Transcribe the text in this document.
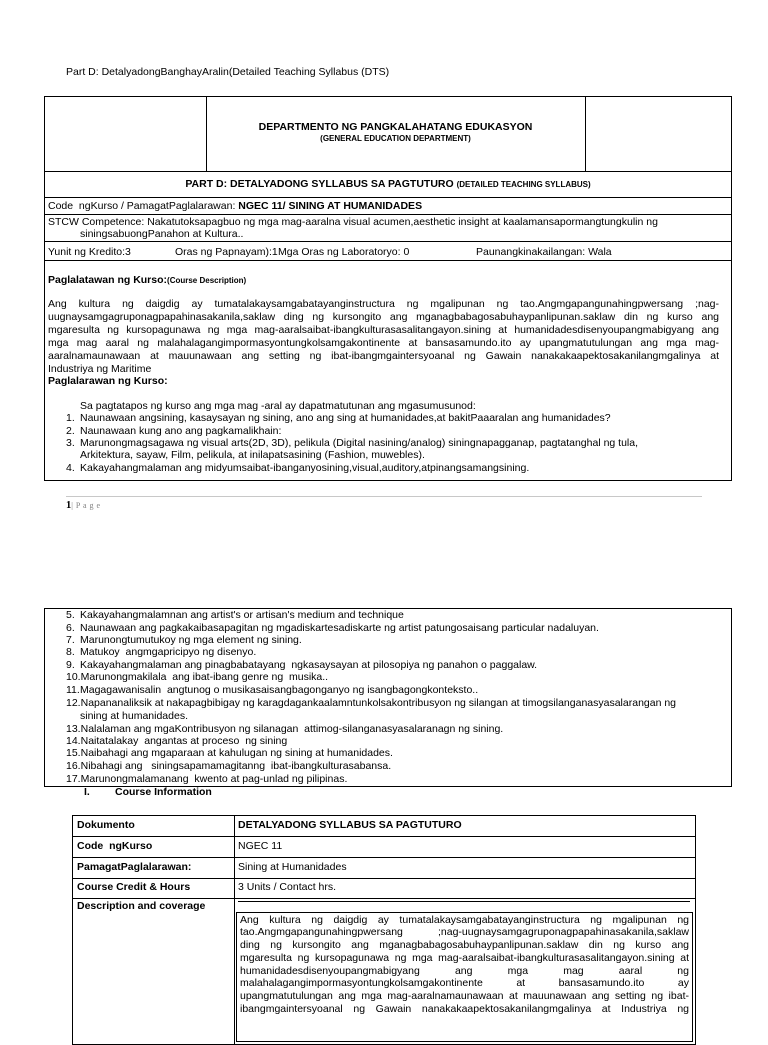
Part D: DetalyadongBanghayAralin(Detailed Teaching Syllabus (DTS)
DEPARTMENTO NG PANGKALAHATANG EDUKASYON
(GENERAL EDUCATION DEPARTMENT)
PART D: DETALYADONG SYLLABUS SA PAGTUTURO (DETAILED TEACHING SYLLABUS)
Code  ngKurso / PamagatPaglalarawan: NGEC 11/ SINING AT HUMANIDADES
STCW Competence: Nakatutoksapagbuo ng mga mag-aaralna visual acumen,aesthetic insight at kaalamansapormangtungkulin ng
siningsabuongPanahon at Kultura..
Yunit ng Kredito:3	Oras ng Papnayam):1 Mga Oras ng Laboratoryo: 0	Paunangkinakailangan: Wala
Paglalatawan ng Kurso:(Course Description)
Ang kultura ng daigdig ay tumatalakaysamgabatayanginstructura ng mgalipunan ng tao.Angmgapangunahingpwersang ;nag-
uugnaysamgagruponagpapahinasakanila,saklaw ding ng kursongito ang mganagbabagosabuhaypanlipunan.saklaw din ng kurso ang
mgaresulta ng kursopagunawa ng mga mag-aaralsaibat-ibangkulturasasalitangayon.sining at humanidadesdisenyoupangmabigyang ang
mga mag aaral ng malahalagangimpormasyontungkolsamgakontinente at bansasamundo.ito ay upangmatutulungan ang mga mag-
aaralnamaunawaan at mauunawaan ang setting ng ibat-ibangmgaintersyoanal ng Gawain nanakakaapektosakanilangmgalinya at
Industriya ng Maritime
Paglalarawan ng Kurso:
Sa pagtatapos ng kurso ang mga mag -aral ay dapatmatutunan ang mgasumusunod:
1. Naunawaan angsining, kasaysayan ng sining, ano ang sing at humanidades,at bakitPaaaralan ang humanidades?
2. Naunawaan kung ano ang pagkamalikhain:
3. Marunongmagsagawa ng visual arts(2D, 3D), pelikula (Digital nasining/analog) siningnapagganap, pagtatanghal ng tula,
Arkitektura, sayaw, Film, pelikula, at inilapatsasining (Fashion, muwebles).
4. Kakayahangmalaman ang midyumsaibat-ibanganyosining,visual,auditory,atpinangsamangsining.
1| P a g e
5. Kakayahangmalamnan ang artist's or artisan's medium and technique
6. Naunawaan ang pagkakaibasapagitan ng mgadiskartesadiskarte ng artist patungosaisang particular nadaluyan.
7. Marunongtumutukoy ng mga element ng sining.
8. Matukoy  angmgapricipyo ng disenyo.
9. Kakayahangmalaman ang pinagbabatayang  ngkasaysayan at pilosopiya ng panahon o paggalaw.
10.Marunongmakilala  ang ibat-ibang genre ng  musika..
11.Magagawanisalin  angtunog o musikasaisangbagonganyo ng isangbagongkonteksto..
12.Napananaliksik at nakapagbibigay ng karagdagankaalamntunkolsakontribusyon ng silangan at timogsilanganasyasalarangan ng
sining at humanidades.
13.Nalalaman ang mgaKontribusyon ng silanagan  attimog-silanganasyasalaranagn ng sining.
14.Naitatalakay  angantas at proceso  ng sining
15.Naibahagi ang mgaparaan at kahulugan ng sining at humanidades.
16.Nibahagi ang   siningsapamamagitanng  ibat-ibangkulturasabansa.
17.Marunongmalamanang  kwento at pag-unlad ng pilipinas.
I. Course Information
Dokumento	DETALYADONG SYLLABUS SA PAGTUTURO
Code  ngKurso	NGEC 11
PamagatPaglalarawan:	Sining at Humanidades
Course Credit & Hours	3 Units / Contact hrs.
Description and coverage
Ang kultura ng daigdig ay tumatalakaysamgabatayanginstructura ng mgalipunan ng
tao.Angmgapangunahingpwersang ;nag-uugnaysamgagruponagpapahinasakanila,saklaw
ding ng kursongito ang mganagbabagosabuhaypanlipunan.saklaw din ng kurso ang
mgaresulta ng kursopagunawa ng mga mag-aaralsaibat-ibangkulturasasalitangayon.sining at
humanidadesdisenyoupangmabigyang ang mga mag aaral ng
malahalagangimpormasyontungkolsamgakontinente at bansasamundo.ito ay
upangmatutulungan ang mga mag-aaralnamaunawaan at mauunawaan ang setting ng ibat-
ibangmgaintersyoanal ng Gawain nanakakaapektosakanilangmgalinya at Industriya ng
